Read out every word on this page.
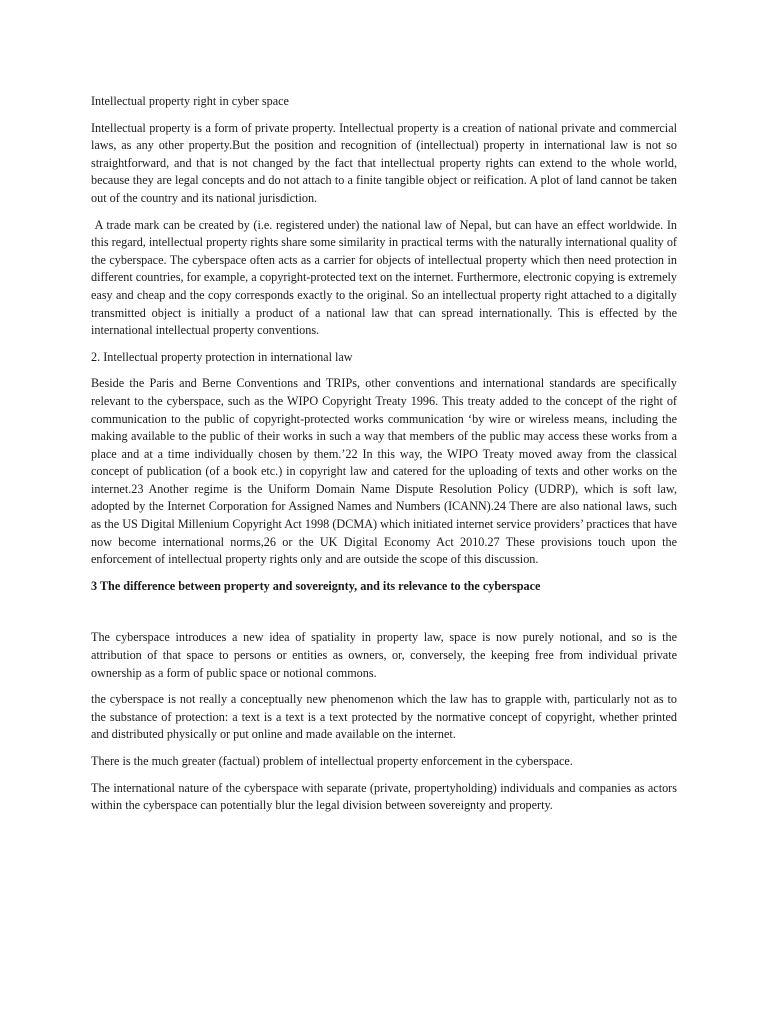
Intellectual property right in cyber space

Intellectual property is a form of private property. Intellectual property is a creation of national private and commercial laws, as any other property.But the position and recognition of (intellectual) property in international law is not so straightforward, and that is not changed by the fact that intellectual property rights can extend to the whole world, because they are legal concepts and do not attach to a finite tangible object or reification. A plot of land cannot be taken out of the country and its national jurisdiction.

A trade mark can be created by (i.e. registered under) the national law of Nepal, but can have an effect worldwide. In this regard, intellectual property rights share some similarity in practical terms with the naturally international quality of the cyberspace. The cyberspace often acts as a carrier for objects of intellectual property which then need protection in different countries, for example, a copyright-protected text on the internet. Furthermore, electronic copying is extremely easy and cheap and the copy corresponds exactly to the original. So an intellectual property right attached to a digitally transmitted object is initially a product of a national law that can spread internationally. This is effected by the international intellectual property conventions.

2. Intellectual property protection in international law

Beside the Paris and Berne Conventions and TRIPs, other conventions and international standards are specifically relevant to the cyberspace, such as the WIPO Copyright Treaty 1996. This treaty added to the concept of the right of communication to the public of copyright-protected works communication ‘by wire or wireless means, including the making available to the public of their works in such a way that members of the public may access these works from a place and at a time individually chosen by them.’22 In this way, the WIPO Treaty moved away from the classical concept of publication (of a book etc.) in copyright law and catered for the uploading of texts and other works on the internet.23 Another regime is the Uniform Domain Name Dispute Resolution Policy (UDRP), which is soft law, adopted by the Internet Corporation for Assigned Names and Numbers (ICANN).24 There are also national laws, such as the US Digital Millenium Copyright Act 1998 (DCMA) which initiated internet service providers’ practices that have now become international norms,26 or the UK Digital Economy Act 2010.27 These provisions touch upon the enforcement of intellectual property rights only and are outside the scope of this discussion.

3 The difference between property and sovereignty, and its relevance to the cyberspace

The cyberspace introduces a new idea of spatiality in property law, space is now purely notional, and so is the attribution of that space to persons or entities as owners, or, conversely, the keeping free from individual private ownership as a form of public space or notional commons.

the cyberspace is not really a conceptually new phenomenon which the law has to grapple with, particularly not as to  the substance of protection: a text is a text is a text protected by the normative concept of copyright, whether printed and distributed physically or put online and made available on the internet.

There is the much greater (factual) problem of intellectual property enforcement in the cyberspace.

The international nature of the cyberspace with separate (private, propertyholding) individuals and companies as actors within the cyberspace can potentially blur the legal division between sovereignty and property.
